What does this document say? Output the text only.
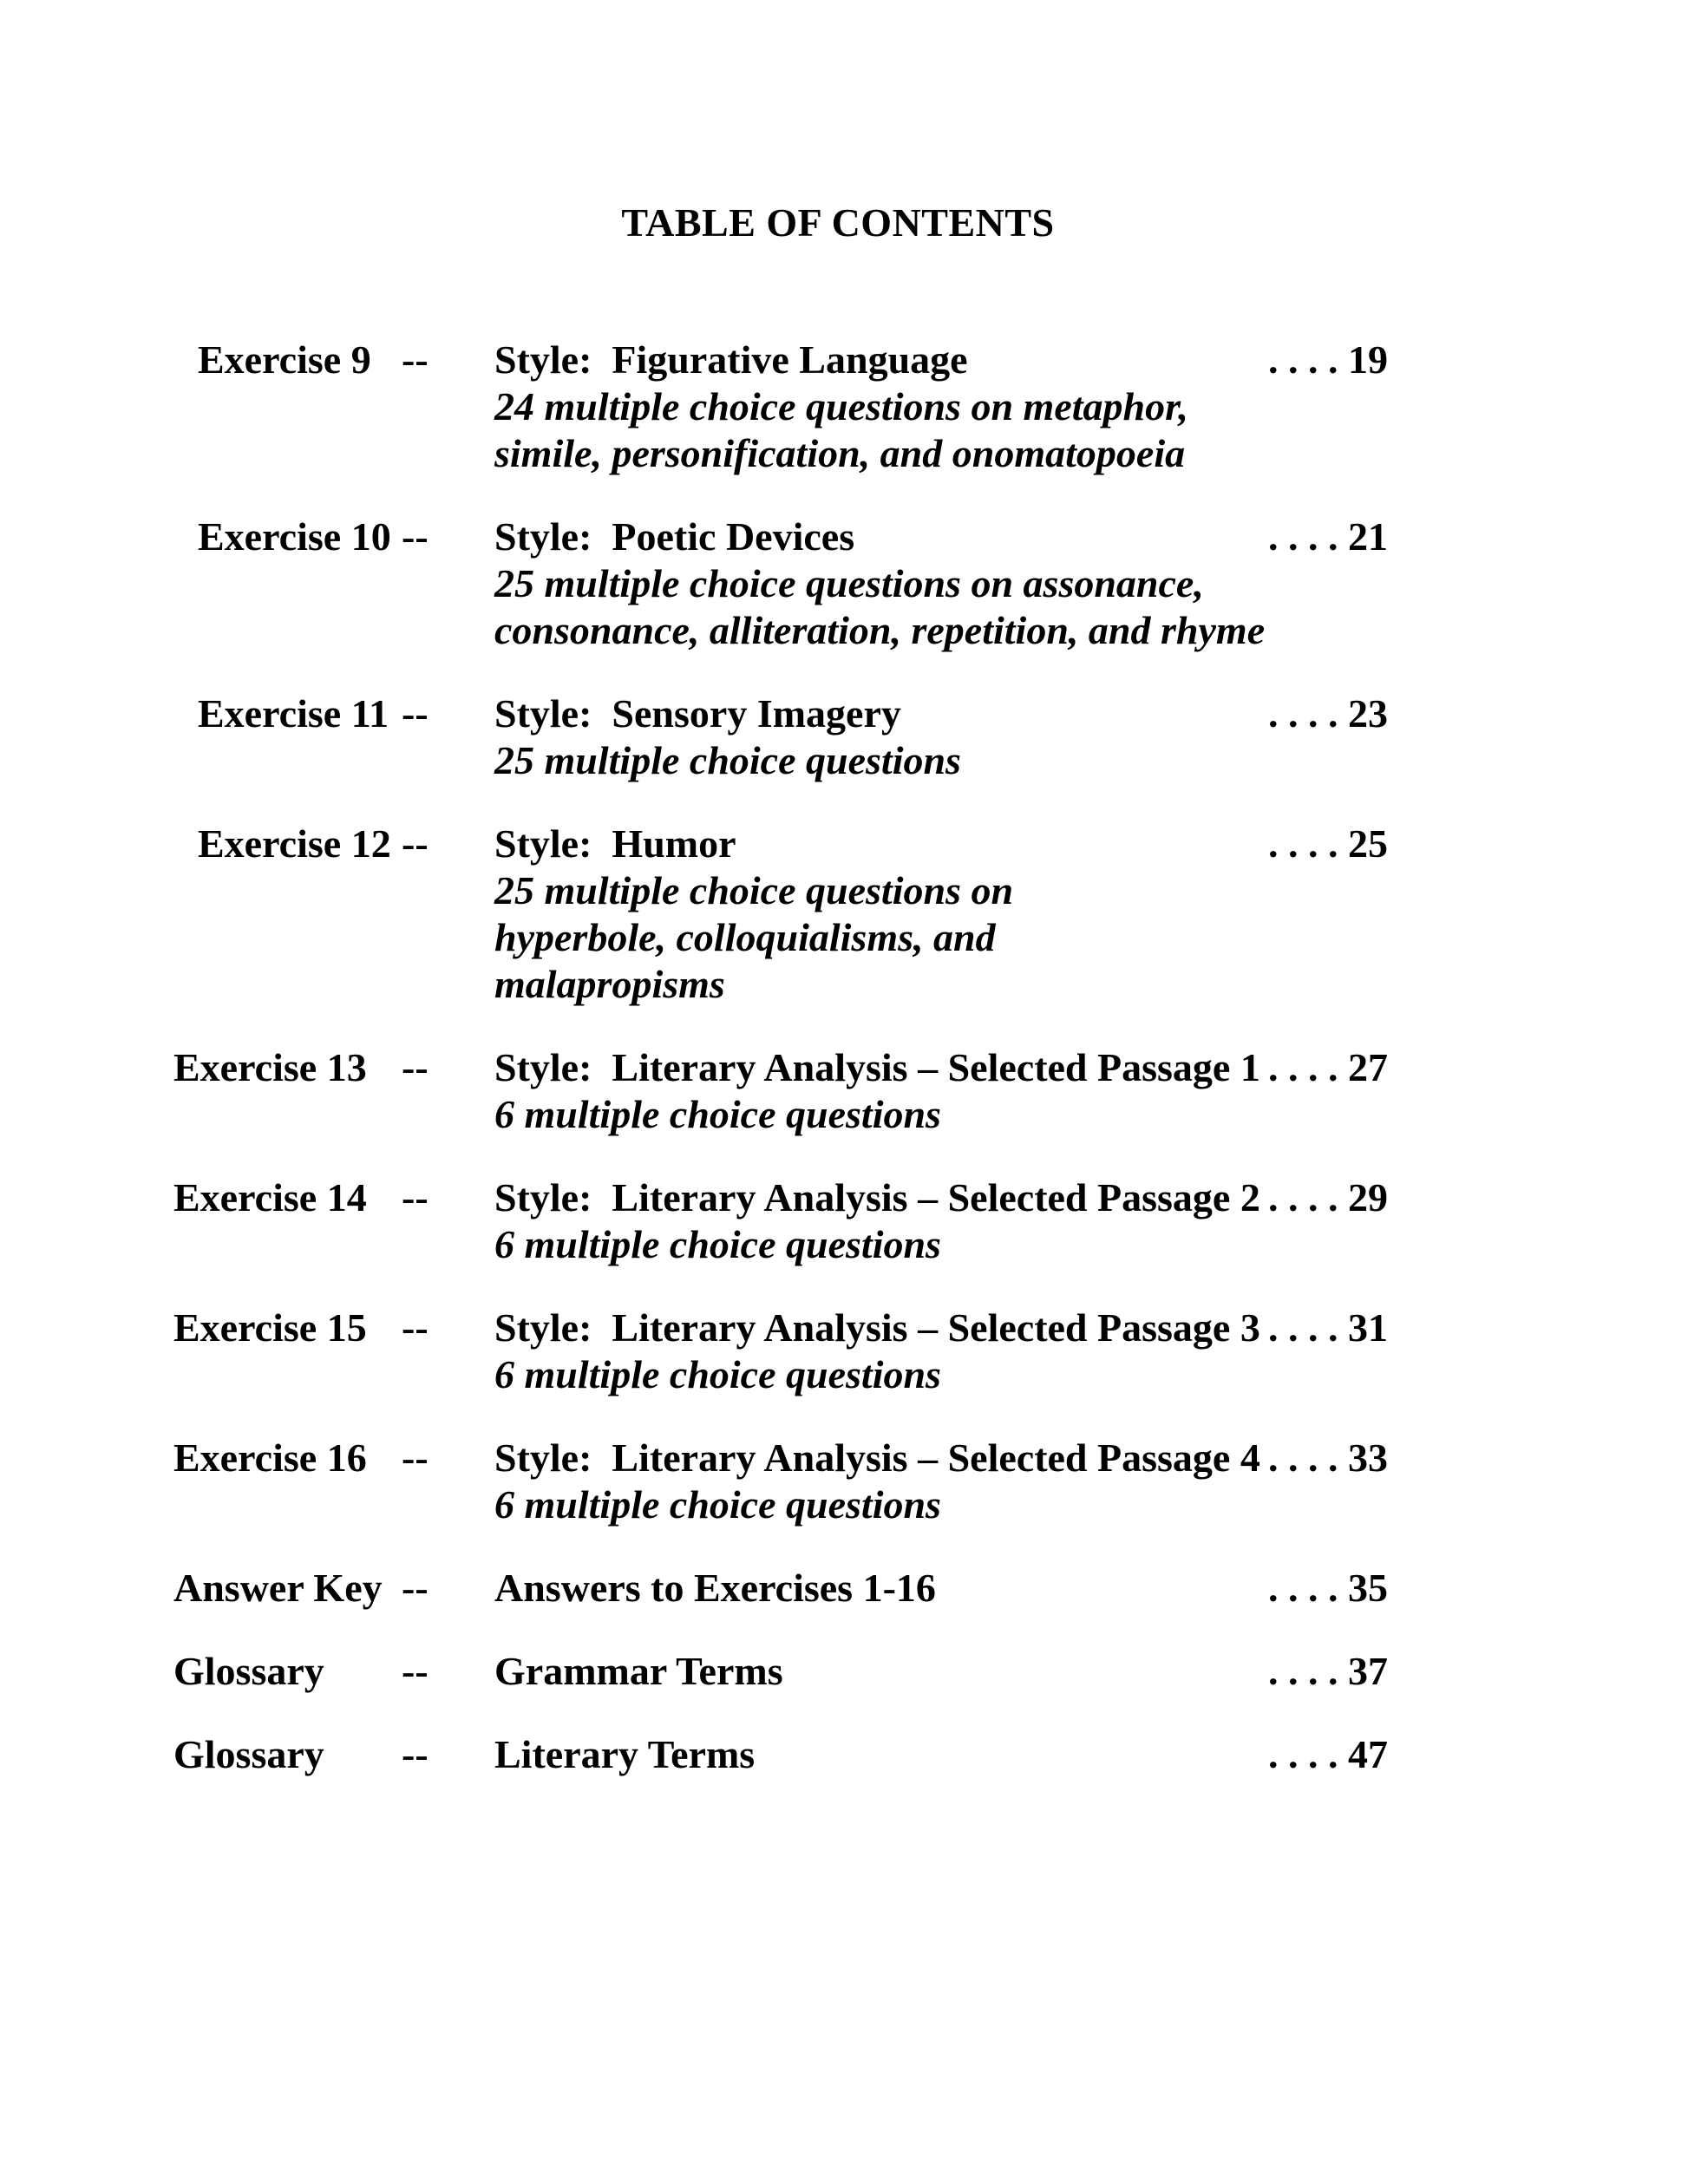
TABLE OF CONTENTS
Exercise 9 --	Style:  Figurative Language	. . . . 19
24 multiple choice questions on metaphor,
simile, personification, and onomatopoeia
Exercise 10 --	Style:  Poetic Devices	. . . . 21
25 multiple choice questions on assonance,
consonance, alliteration, repetition, and rhyme
Exercise 11 --	Style:  Sensory Imagery	. . . . 23
25 multiple choice questions
Exercise 12 --	Style:  Humor	. . . . 25
25 multiple choice questions on
hyperbole, colloquialisms, and
malapropisms
Exercise 13 --	Style:  Literary Analysis – Selected Passage 1 . . . . 27
6 multiple choice questions
Exercise 14 --	Style:  Literary Analysis – Selected Passage 2 . . . . 29
6 multiple choice questions
Exercise 15 --	Style:  Literary Analysis – Selected Passage 3 . . . . 31
6 multiple choice questions
Exercise 16 --	Style:  Literary Analysis – Selected Passage 4 . . . . 33
6 multiple choice questions
Answer Key --	Answers to Exercises 1-16	. . . . 35
Glossary	--	Grammar Terms	. . . . 37
Glossary	--	Literary Terms	. . . . 47
